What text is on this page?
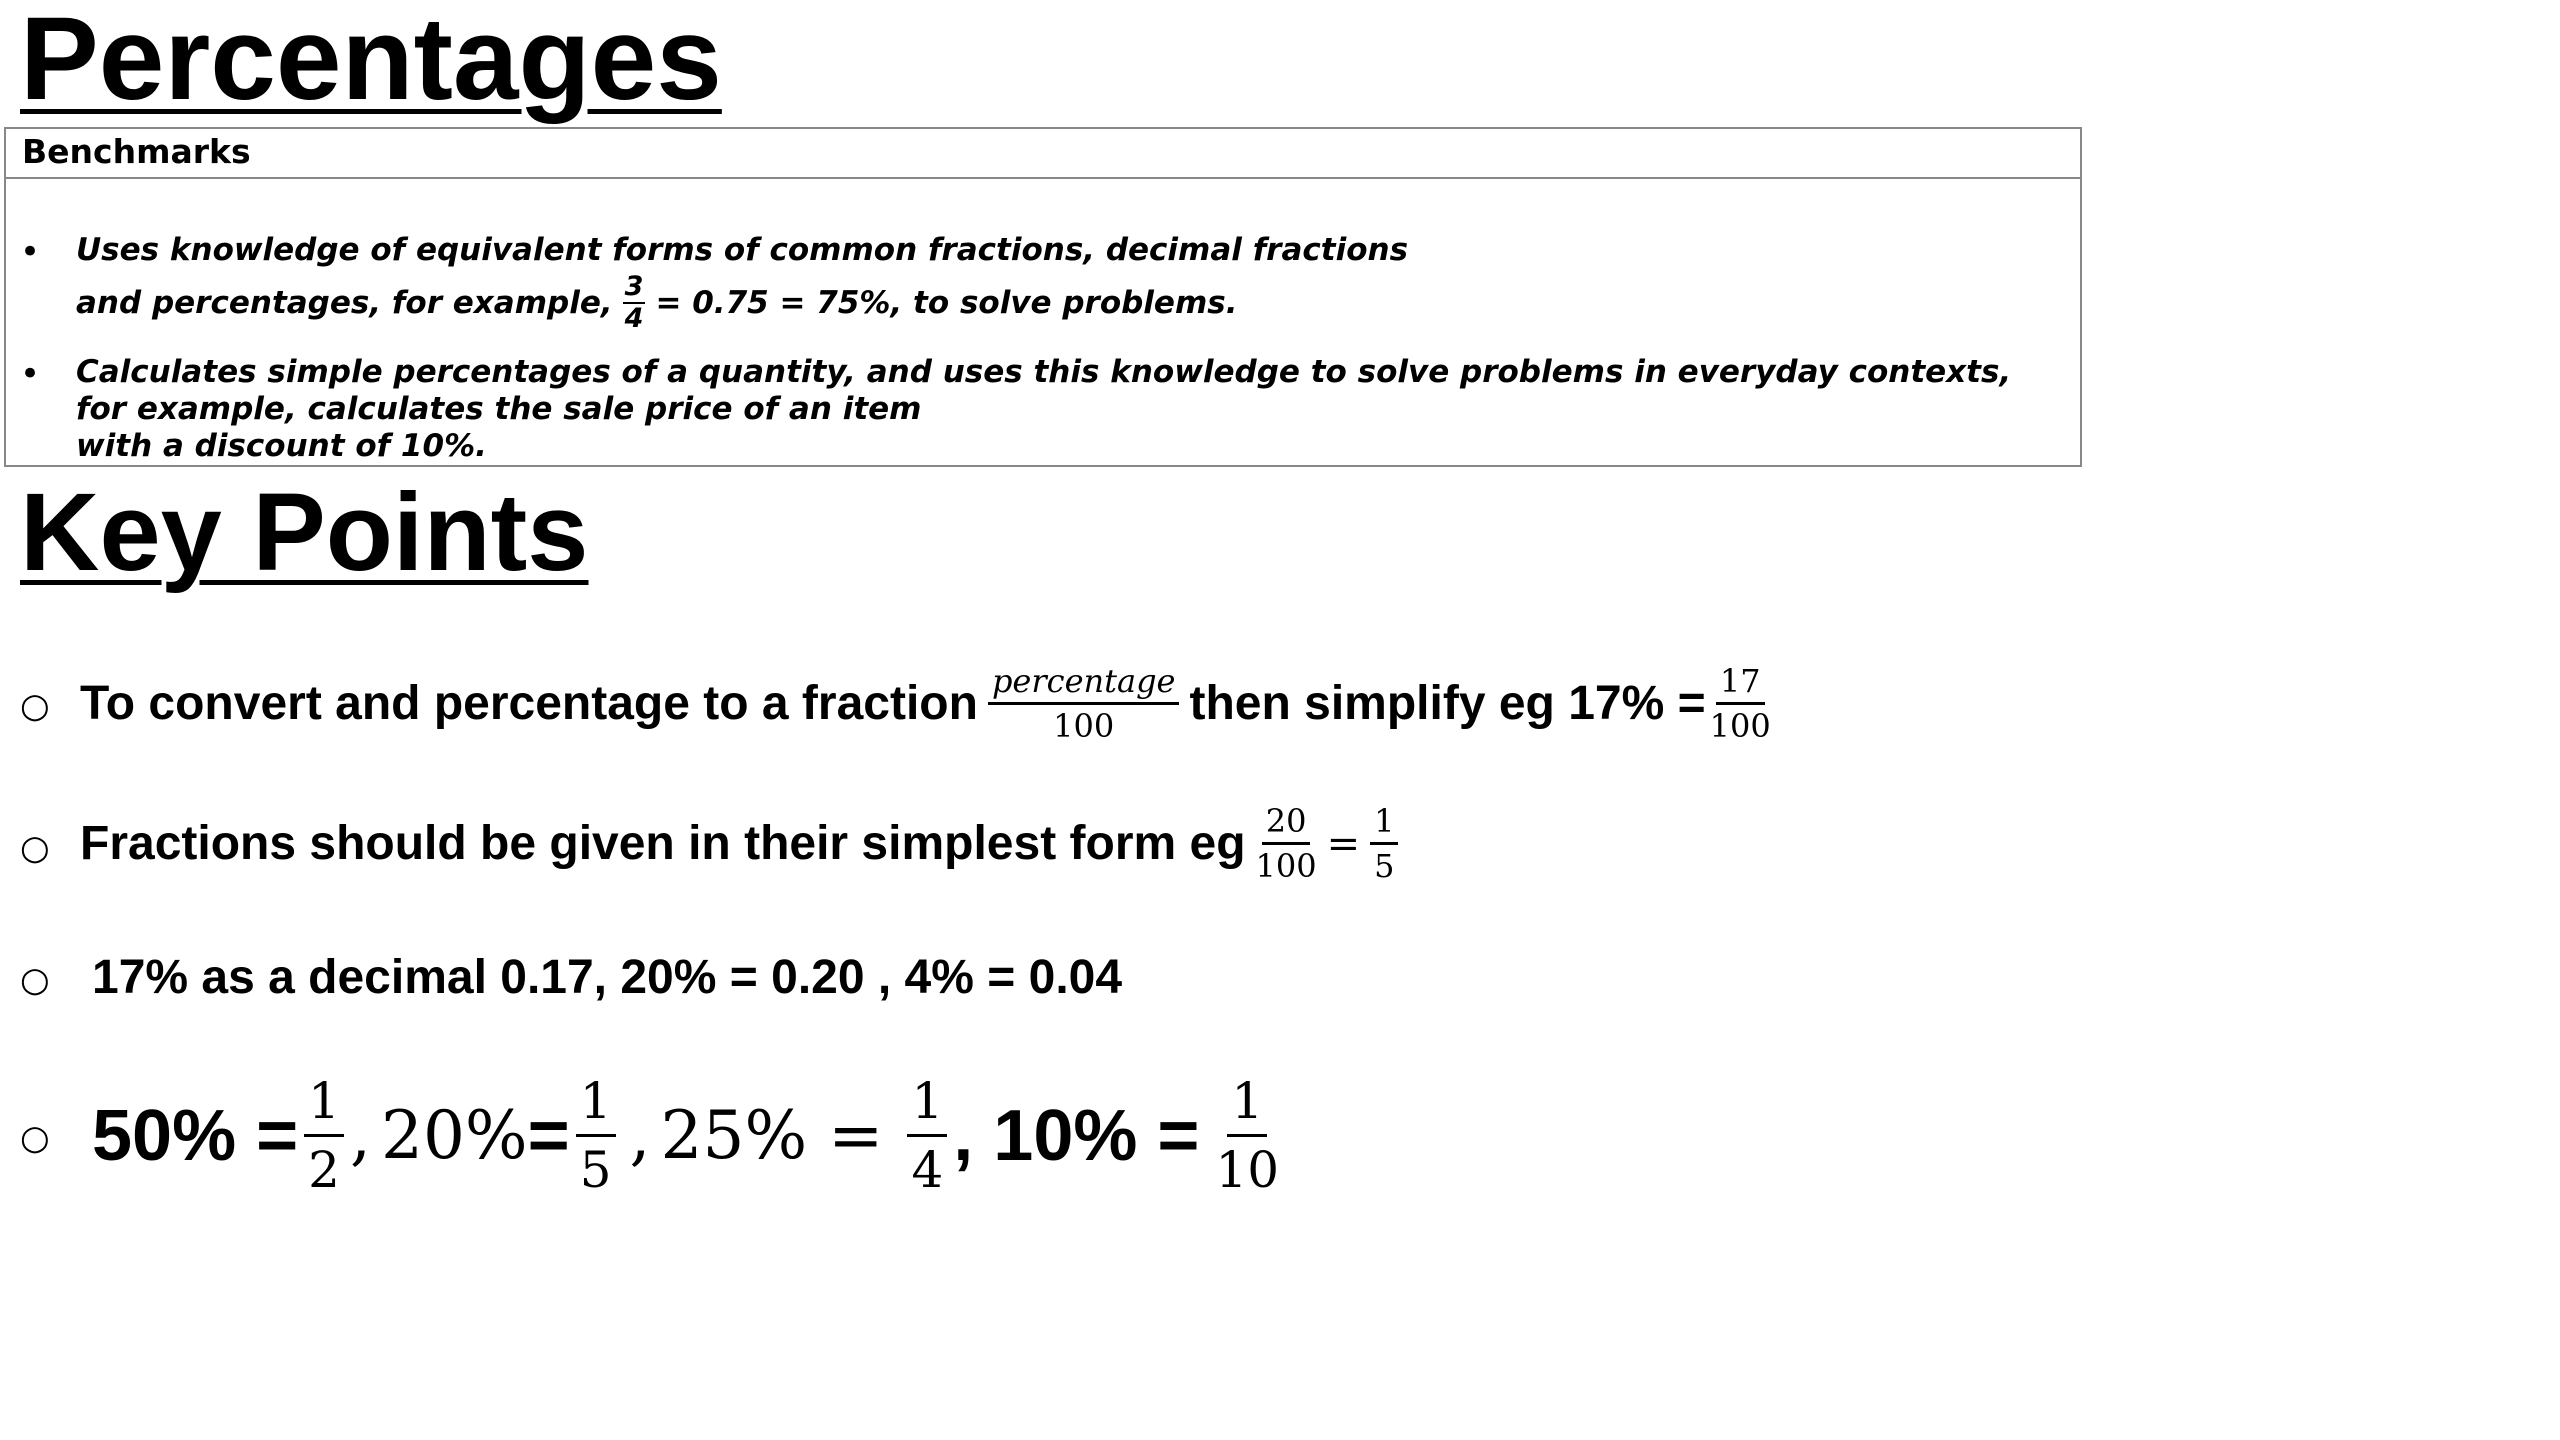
Percentages
Benchmarks
• Uses knowledge of equivalent forms of common fractions, decimal fractions
and percentages, for example, $\frac{3}{4} = 0.75 = 75\%$, to solve problems.
• Calculates simple percentages of a quantity, and uses this knowledge to solve problems in everyday contexts, for example, calculates the sale price of an item
with a discount of 10%.
Key Points
○ To convert and percentage to a fraction $\frac{\text{percentage}}{100}$ then simplify eg $17\% = \frac{17}{100}$
○ Fractions should be given in their simplest form eg $\frac{20}{100} = \frac{1}{5}$
○ 17% as a decimal 0.17, 20% = 0.20 , 4% = 0.04
○ $50\% = \frac{1}{2}$ , $20\% = \frac{1}{5}$ , $25\% = \frac{1}{4}$ , $10\% = \frac{1}{10}$
